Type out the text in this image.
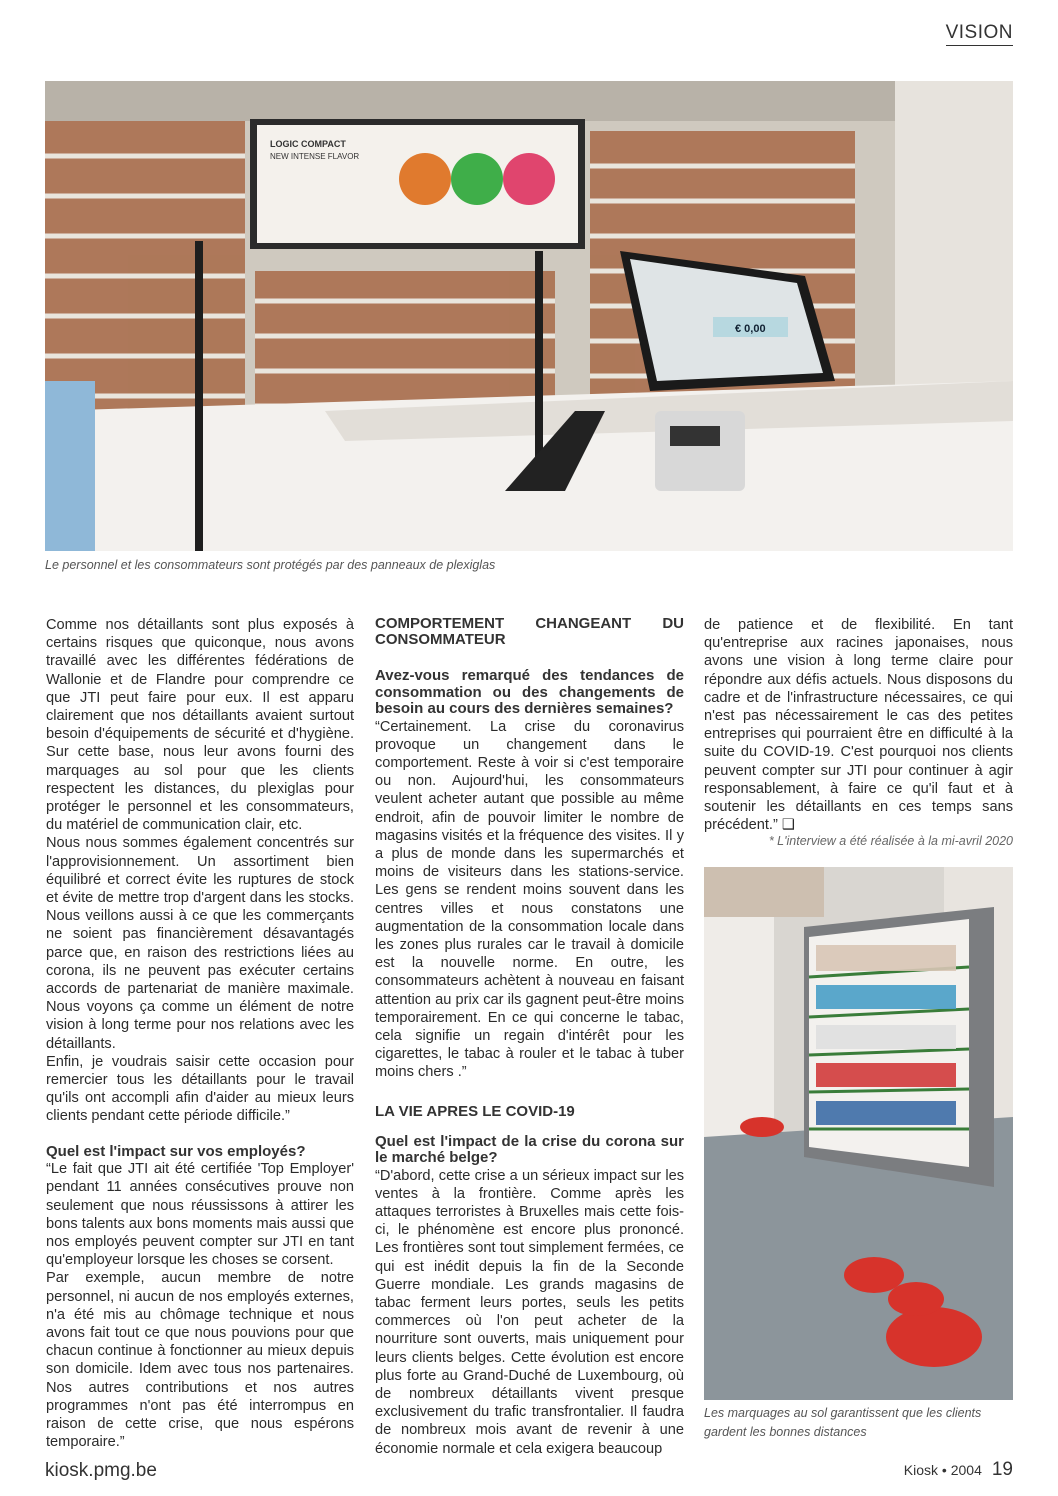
VISION
LOGIC COMPACT
NEW INTENSE FLAVOR
€ 0,00
Le personnel et les consommateurs sont protégés par des panneaux de plexiglas

Comme nos détaillants sont plus exposés à certains risques que quiconque, nous avons travaillé avec les différentes fédérations de Wallonie et de Flandre pour comprendre ce que JTI peut faire pour eux. Il est apparu clairement que nos détaillants avaient surtout besoin d'équipements de sécurité et d'hygiène. Sur cette base, nous leur avons fourni des marquages au sol pour que les clients respectent les distances, du plexiglas pour protéger le personnel et les consommateurs, du matériel de communication clair, etc.

Nous nous sommes également concentrés sur l'approvisionnement. Un assortiment bien équilibré et correct évite les ruptures de stock et évite de mettre trop d'argent dans les stocks. Nous veillons aussi à ce que les commerçants ne soient pas financièrement désavantagés parce que, en raison des restrictions liées au corona, ils ne peuvent pas exécuter certains accords de partenariat de manière maximale. Nous voyons ça comme un élément de notre vision à long terme pour nos relations avec les détaillants.

Enfin, je voudrais saisir cette occasion pour remercier tous les détaillants pour le travail qu'ils ont accompli afin d'aider au mieux leurs clients pendant cette période difficile.”

Quel est l'impact sur vos employés?

“Le fait que JTI ait été certifiée 'Top Employer' pendant 11 années consécutives prouve non seulement que nous réussissons à attirer les bons talents aux bons moments mais aussi que nos employés peuvent compter sur JTI en tant qu'employeur lorsque les choses se corsent.

Par exemple, aucun membre de notre personnel, ni aucun de nos employés externes, n'a été mis au chômage technique et nous avons fait tout ce que nous pouvions pour que chacun continue à fonctionner au mieux depuis son domicile. Idem avec tous nos partenaires. Nos autres contributions et nos autres programmes n'ont pas été interrompus en raison de cette crise, que nous espérons temporaire.”

COMPORTEMENT CHANGEANT DU CONSOMMATEUR
Avez-vous remarqué des tendances de consommation ou des changements de besoin au cours des dernières semaines?

“Certainement. La crise du coronavirus provoque un changement dans le comportement. Reste à voir si c'est temporaire ou non. Aujourd'hui, les consommateurs veulent acheter autant que possible au même endroit, afin de pouvoir limiter le nombre de magasins visités et la fréquence des visites. Il y a plus de monde dans les supermarchés et moins de visiteurs dans les stations-service. Les gens se rendent moins souvent dans les centres villes et nous constatons une augmentation de la consommation locale dans les zones plus rurales car le travail à domicile est la nouvelle norme. En outre, les consommateurs achètent à nouveau en faisant attention au prix car ils gagnent peut-être moins temporairement. En ce qui concerne le tabac, cela signifie un regain d'intérêt pour les cigarettes, le tabac à rouler et le tabac à tuber moins chers .”

LA VIE APRES LE COVID-19
Quel est l'impact de la crise du corona sur le marché belge?

“D'abord, cette crise a un sérieux impact sur les ventes à la frontière. Comme après les attaques terroristes à Bruxelles mais cette fois-ci, le phénomène est encore plus prononcé. Les frontières sont tout simplement fermées, ce qui est inédit depuis la fin de la Seconde Guerre mondiale. Les grands magasins de tabac ferment leurs portes, seuls les petits commerces où l'on peut acheter de la nourriture sont ouverts, mais uniquement pour leurs clients belges. Cette évolution est encore plus forte au Grand-Duché de Luxembourg, où de nombreux détaillants vivent presque exclusivement du trafic transfrontalier. Il faudra de nombreux mois avant de revenir à une économie normale et cela exigera beaucoup

de patience et de flexibilité. En tant qu'entreprise aux racines japonaises, nous avons une vision à long terme claire pour répondre aux défis actuels. Nous disposons du cadre et de l'infrastructure nécessaires, ce qui n'est pas nécessairement le cas des petites entreprises qui pourraient être en difficulté à la suite du COVID-19. C'est pourquoi nos clients peuvent compter sur JTI pour continuer à agir responsablement, à faire ce qu'il faut et à soutenir les détaillants en ces temps sans précédent.” ❑

* L'interview a été réalisée à la mi-avril 2020
Les marquages au sol garantissent que les clients
gardent les bonnes distances
kiosk.pmg.be	Kiosk • 2004 19
